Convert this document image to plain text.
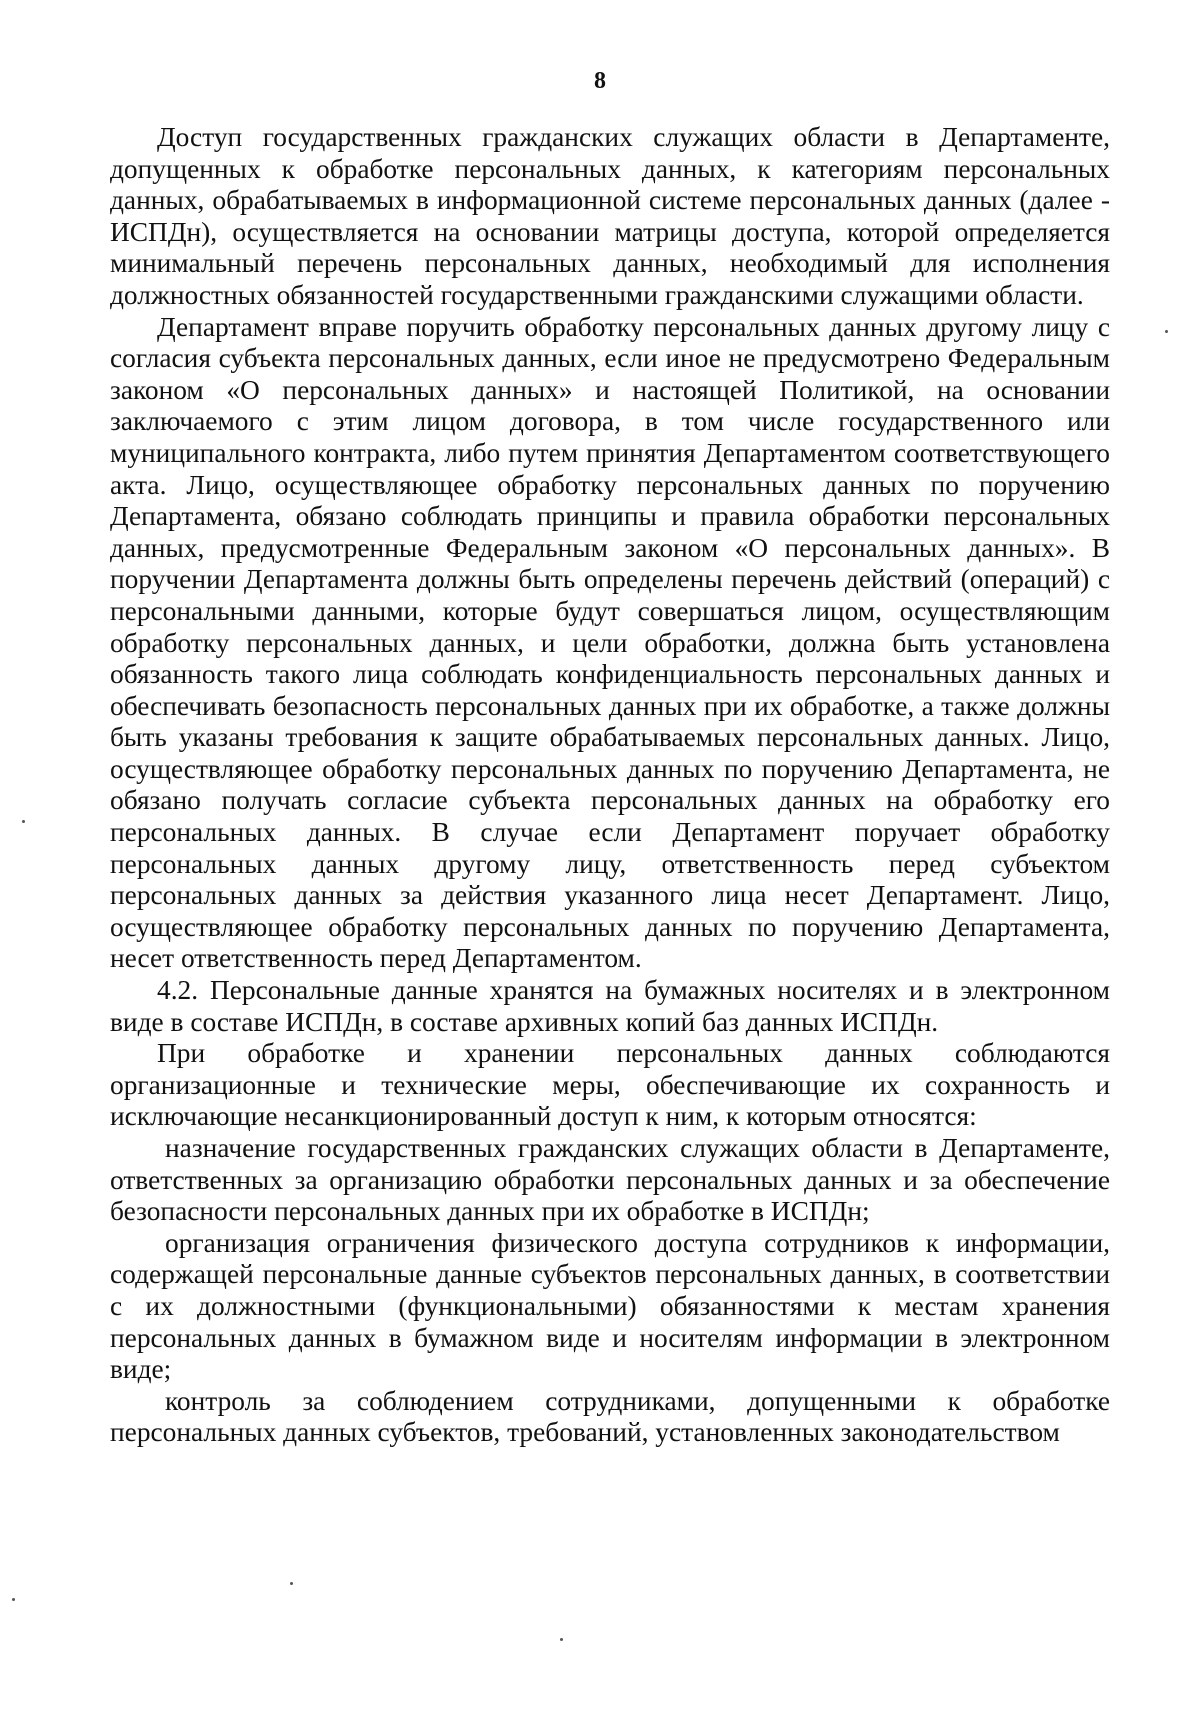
8

Доступ государственных гражданских служащих области в Департаменте, допущенных к обработке персональных данных, к категориям персональных данных, обрабатываемых в информационной системе персональных данных (далее - ИСПДн), осуществляется на основании матрицы доступа, которой определяется минимальный перечень персональных данных, необходимый для исполнения должностных обязанностей государственными гражданскими служащими области.

Департамент вправе поручить обработку персональных данных другому лицу с согласия субъекта персональных данных, если иное не предусмотрено Федеральным законом «О персональных данных» и настоящей Политикой, на основании заключаемого с этим лицом договора, в том числе государственного или муниципального контракта, либо путем принятия Департаментом соответствующего акта. Лицо, осуществляющее обработку персональных данных по поручению Департамента, обязано соблюдать принципы и правила обработки персональных данных, предусмотренные Федеральным законом «О персональных данных». В поручении Департамента должны быть определены перечень действий (операций) с персональными данными, которые будут совершаться лицом, осуществляющим обработку персональных данных, и цели обработки, должна быть установлена обязанность такого лица соблюдать конфиденциальность персональных данных и обеспечивать безопасность персональных данных при их обработке, а также должны быть указаны требования к защите обрабатываемых персональных данных. Лицо, осуществляющее обработку персональных данных по поручению Департамента, не обязано получать согласие субъекта персональных данных на обработку его персональных данных. В случае если Департамент поручает обработку персональных данных другому лицу, ответственность перед субъектом персональных данных за действия указанного лица несет Департамент. Лицо, осуществляющее обработку персональных данных по поручению Департамента, несет ответственность перед Департаментом.

4.2. Персональные данные хранятся на бумажных носителях и в электронном виде в составе ИСПДн, в составе архивных копий баз данных ИСПДн.

При обработке и хранении персональных данных соблюдаются организационные и технические меры, обеспечивающие их сохранность и исключающие несанкционированный доступ к ним, к которым относятся:

назначение государственных гражданских служащих области в Департаменте, ответственных за организацию обработки персональных данных и за обеспечение безопасности персональных данных при их обработке в ИСПДн;

организация ограничения физического доступа сотрудников к информации, содержащей персональные данные субъектов персональных данных, в соответствии с их должностными (функциональными) обязанностями к местам хранения персональных данных в бумажном виде и носителям информации в электронном виде;

контроль за соблюдением сотрудниками, допущенными к обработке персональных данных субъектов, требований, установленных законодательством
